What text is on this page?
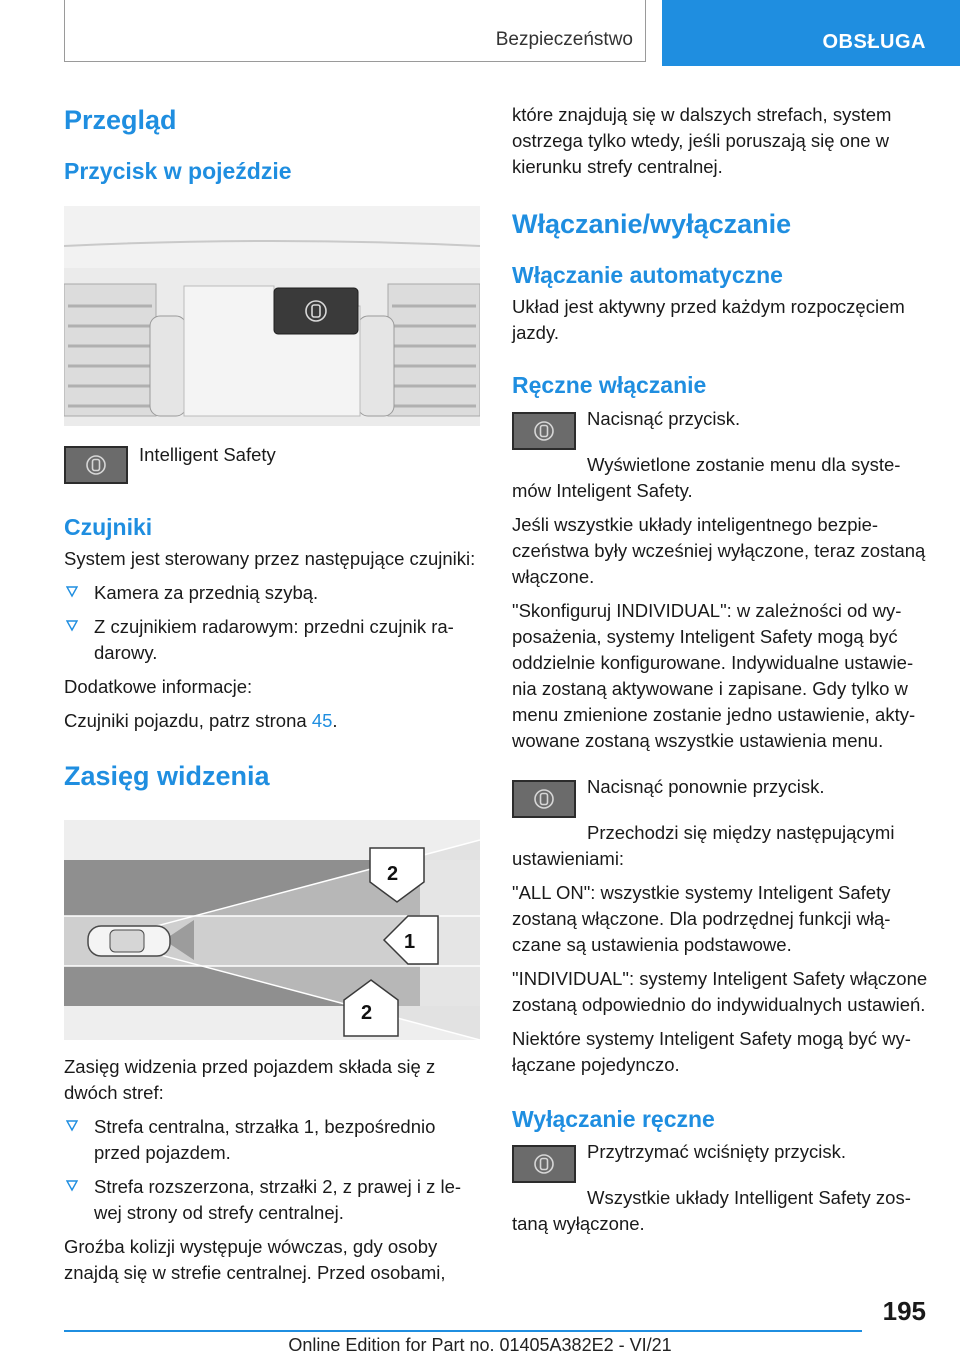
Bezpieczeństwo	OBSŁUGA
Przegląd
Przycisk w pojeździe

Intelligent Safety

Czujniki

System jest sterowany przez następujące czujniki:

Kamera za przednią szybą.
Z czujnikiem radarowym: przedni czujnik radarowy.

Dodatkowe informacje:

Czujniki pojazdu, patrz strona 45.

Zasięg widzenia
2
1
2

Zasięg widzenia przed pojazdem składa się z dwóch stref:

Strefa centralna, strzałka 1, bezpośrednio przed pojazdem.
Strefa rozszerzona, strzałki 2, z prawej i z lewej strony od strefy centralnej.

Groźba kolizji występuje wówczas, gdy osoby znajdą się w strefie centralnej. Przed osobami,

które znajdują się w dalszych strefach, system ostrzega tylko wtedy, jeśli poruszają się one w kierunku strefy centralnej.

Włączanie/wyłączanie
Włączanie automatyczne

Układ jest aktywny przed każdym rozpoczęciem jazdy.

Ręczne włączanie

Nacisnąć przycisk.

Wyświetlone zostanie menu dla systemów Inteligent Safety.

Jeśli wszystkie układy inteligentnego bezpieczeństwa były wcześniej wyłączone, teraz zostaną włączone.

"Skonfiguruj INDIVIDUAL": w zależności od wyposażenia, systemy Inteligent Safety mogą być oddzielnie konfigurowane. Indywidualne ustawienia zostaną aktywowane i zapisane. Gdy tylko w menu zmienione zostanie jedno ustawienie, aktywowane zostaną wszystkie ustawienia menu.

Nacisnąć ponownie przycisk.

Przechodzi się między następującymi ustawieniami:

"ALL ON": wszystkie systemy Inteligent Safety zostaną włączone. Dla podrzędnej funkcji włączane są ustawienia podstawowe.

"INDIVIDUAL": systemy Inteligent Safety włączone zostaną odpowiednio do indywidualnych ustawień.

Niektóre systemy Inteligent Safety mogą być wyłączane pojedynczo.

Wyłączanie ręczne

Przytrzymać wciśnięty przycisk.

Wszystkie układy Intelligent Safety zostaną wyłączone.

195
Online Edition for Part no. 01405A382E2 - VI/21
